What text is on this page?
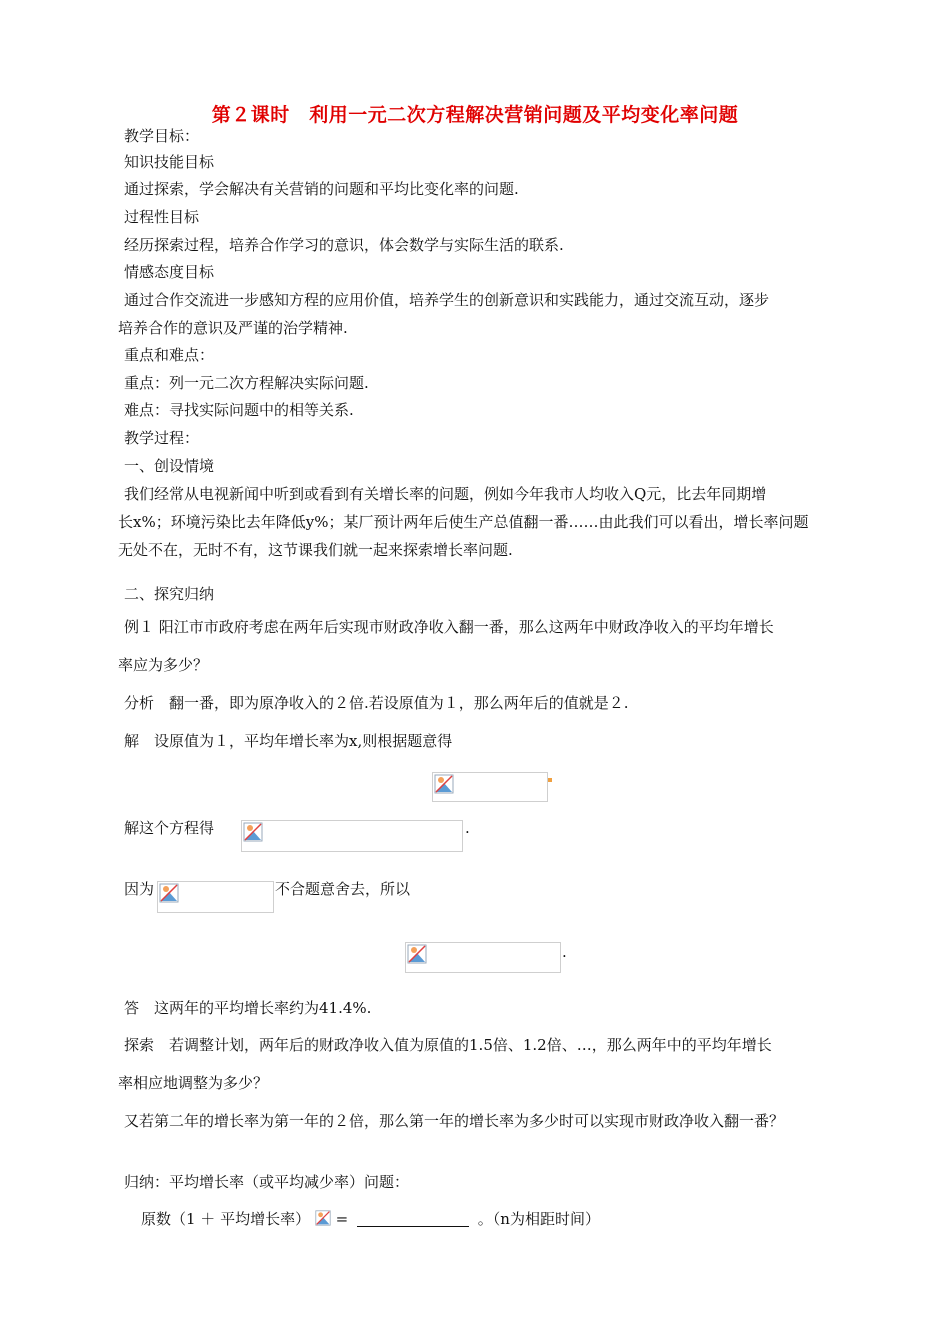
第２课时　利用一元二次方程解决营销问题及平均变化率问题
教学目标：
知识技能目标
通过探索，学会解决有关营销的问题和平均比变化率的问题.
过程性目标
经历探索过程，培养合作学习的意识，体会数学与实际生活的联系.
情感态度目标
通过合作交流进一步感知方程的应用价值，培养学生的创新意识和实践能力，通过交流互动，逐步
培养合作的意识及严谨的治学精神.
重点和难点：
重点：列一元二次方程解决实际问题.
难点：寻找实际问题中的相等关系.
教学过程：
一、创设情境
我们经常从电视新闻中听到或看到有关增长率的问题，例如今年我市人均收入Q元，比去年同期增
长x%；环境污染比去年降低y%；某厂预计两年后使生产总值翻一番……由此我们可以看出，增长率问题
无处不在，无时不有，这节课我们就一起来探索增长率问题.
二、探究归纳
例１ 阳江市市政府考虑在两年后实现市财政净收入翻一番，那么这两年中财政净收入的平均年增长
率应为多少？
分析　翻一番，即为原净收入的２倍.若设原值为１，那么两年后的值就是２.
解　设原值为１，平均年增长率为x,则根据题意得
解这个方程得	.
因为	不合题意舍去，所以
.
答　这两年的平均增长率约为41.4%.
探索　若调整计划，两年后的财政净收入值为原值的1.5倍、1.2倍、…，那么两年中的平均年增长
率相应地调整为多少？
又若第二年的增长率为第一年的２倍，那么第一年的增长率为多少时可以实现市财政净收入翻一番？
归纳：平均增长率（或平均减少率）问题：
原数（1 ＋ 平均增长率） =	。（n为相距时间）
